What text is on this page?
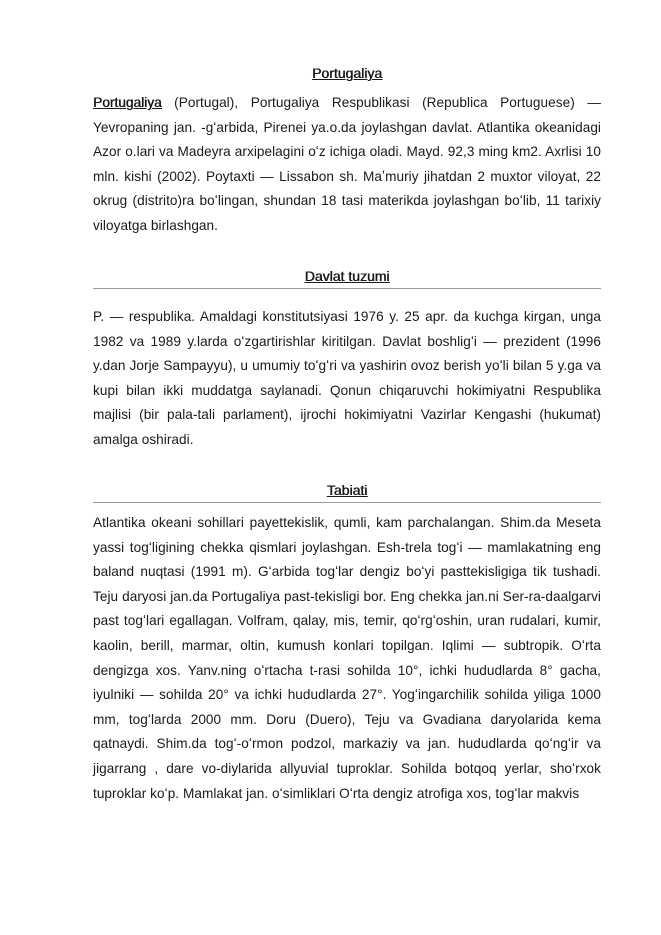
Portugaliya

Portugaliya (Portugal), Portugaliya Respublikasi (Republica Portuguese) — Yevropaning jan. -gʻarbida, Pirenei ya.o.da joylashgan davlat. Atlantika okeanidagi Azor o.lari va Madeyra arxipelagini oʻz ichiga oladi. Mayd. 92,3 ming km2. Axrlisi 10 mln. kishi (2002). Poytaxti — Lissabon sh. Maʼmuriy jihatdan 2 muxtor viloyat, 22 okrug (distrito)ra boʻlingan, shundan 18 tasi materikda joylashgan boʻlib, 11 tarixiy viloyatga birlashgan.

Davlat tuzumi

P. — respublika. Amaldagi konstitutsiyasi 1976 y. 25 apr. da kuchga kirgan, unga 1982 va 1989 y.larda oʻzgartirishlar kiritilgan. Davlat boshligʻi — prezident (1996 y.dan Jorje Sampayyu), u umumiy toʻgʻri va yashirin ovoz berish yoʻli bilan 5 y.ga va kupi bilan ikki muddatga saylanadi. Qonun chiqaruvchi hokimiyatni Respublika majlisi (bir pala-tali parlament), ijrochi hokimiyatni Vazirlar Kengashi (hukumat) amalga oshiradi.

Tabiati

Atlantika okeani sohillari payettekislik, qumli, kam parchalangan. Shim.da Meseta yassi togʻligining chekka qismlari joylashgan. Esh-trela togʻi — mamlakatning eng baland nuqtasi (1991 m). Gʻarbida togʻlar dengiz boʻyi pasttekisligiga tik tushadi. Teju daryosi jan.da Portugaliya past-tekisligi bor. Eng chekka jan.ni Ser-ra-daalgarvi past togʻlari egallagan. Volfram, qalay, mis, temir, qoʻrgʻoshin, uran rudalari, kumir, kaolin, berill, marmar, oltin, kumush konlari topilgan. Iqlimi — subtropik. Oʻrta dengizga xos. Yanv.ning oʻrtacha t-rasi sohilda 10°, ichki hududlarda 8° gacha, iyulniki — sohilda 20° va ichki hududlarda 27°. Yogʻingarchilik sohilda yiliga 1000 mm, togʻlarda 2000 mm. Doru (Duero), Teju va Gvadiana daryolarida kema qatnaydi. Shim.da togʻ-oʻrmon podzol, markaziy va jan. hududlarda qoʻngʻir va jigarrang , dare vo-diylarida allyuvial tuproklar. Sohilda botqoq yerlar, shoʻrxok tuproklar koʻp. Mamlakat jan. oʻsimliklari Oʻrta dengiz atrofiga xos, togʻlar makvis
